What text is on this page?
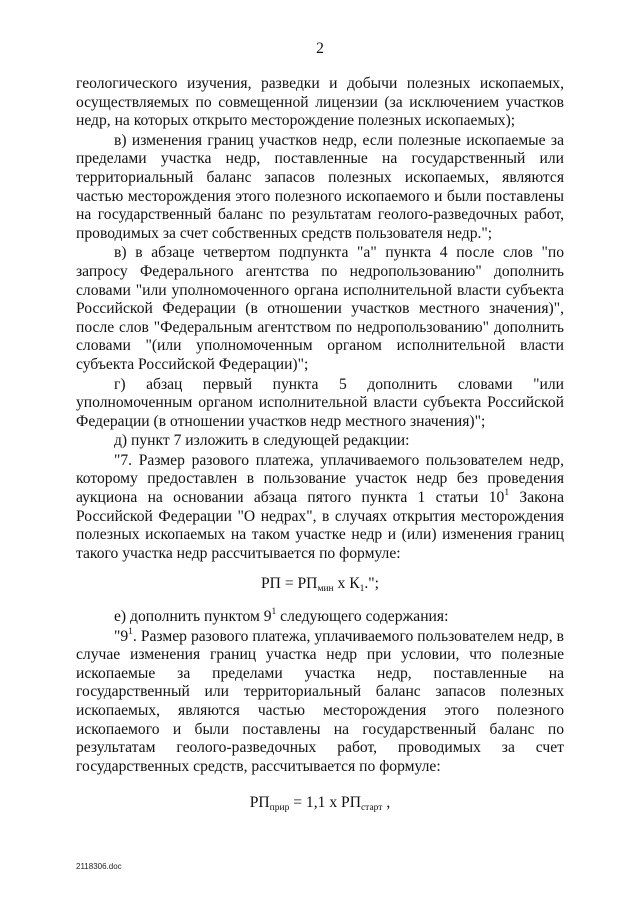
2

геологического изучения, разведки и добычи полезных ископаемых, осуществляемых по совмещенной лицензии (за исключением участков недр, на которых открыто месторождение полезных ископаемых);

в) изменения границ участков недр, если полезные ископаемые за пределами участка недр, поставленные на государственный или территориальный баланс запасов полезных ископаемых, являются частью месторождения этого полезного ископаемого и были поставлены на государственный баланс по результатам геолого-разведочных работ, проводимых за счет собственных средств пользователя недр.";

в) в абзаце четвертом подпункта "а" пункта 4 после слов "по запросу Федерального агентства по недропользованию" дополнить словами "или уполномоченного органа исполнительной власти субъекта Российской Федерации (в отношении участков местного значения)", после слов "Федеральным агентством по недропользованию" дополнить словами "(или уполномоченным органом исполнительной власти субъекта Российской Федерации)";

г) абзац первый пункта 5 дополнить словами "или уполномоченным органом исполнительной власти субъекта Российской Федерации (в отношении участков недр местного значения)";

д) пункт 7 изложить в следующей редакции:

"7. Размер разового платежа, уплачиваемого пользователем недр, которому предоставлен в пользование участок недр без проведения аукциона на основании абзаца пятого пункта 1 статьи $10^1$ Закона Российской Федерации "О недрах", в случаях открытия месторождения полезных ископаемых на таком участке недр и (или) изменения границ такого участка недр рассчитывается по формуле:

РП = $РП_{мин}$ x $К_1$.";

е) дополнить пунктом $9^1$ следующего содержания:

"$9^1$. Размер разового платежа, уплачиваемого пользователем недр, в случае изменения границ участка недр при условии, что полезные ископаемые за пределами участка недр, поставленные на государственный или территориальный баланс запасов полезных ископаемых, являются частью месторождения этого полезного ископаемого и были поставлены на государственный баланс по результатам геолого-разведочных работ, проводимых за счет государственных средств, рассчитывается по формуле:

$РП_{прир} = 1,1$ x $РП_{старт}$ ,
2118306.doc
